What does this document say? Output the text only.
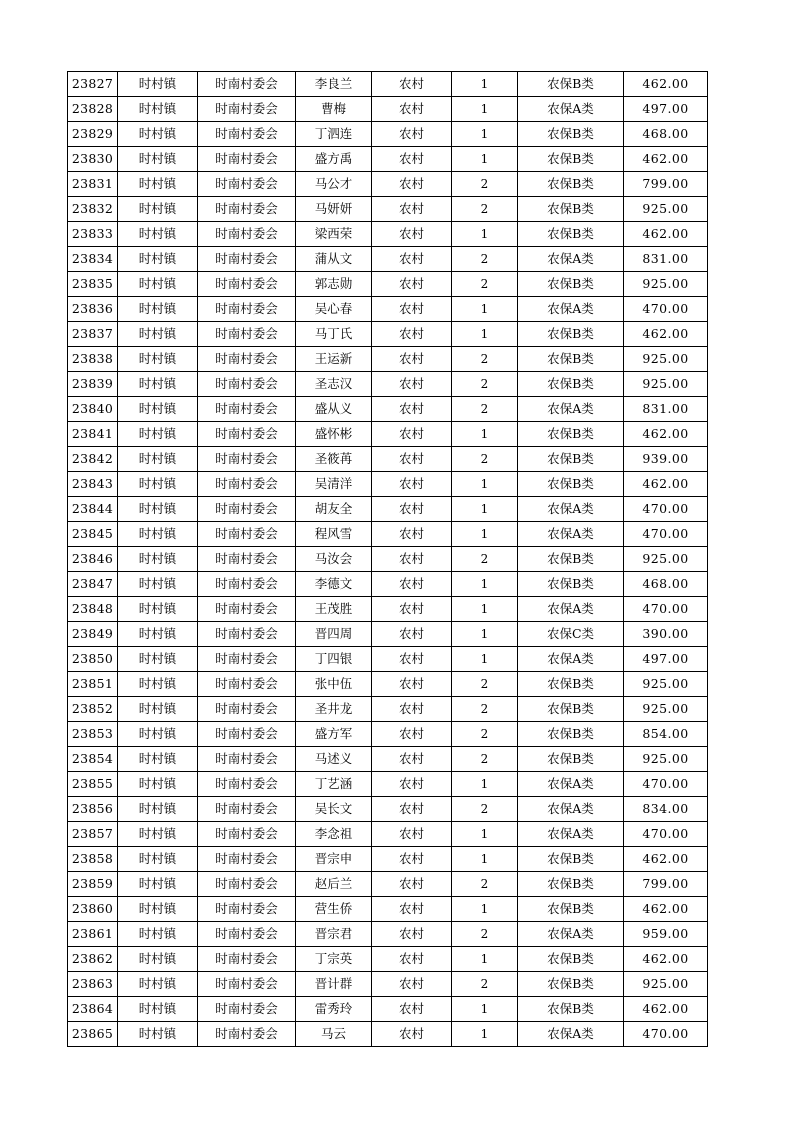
23827	时村镇	时南村委会	李良兰	农村	1	农保B类	462.00
23828	时村镇	时南村委会	曹梅	农村	1	农保A类	497.00
23829	时村镇	时南村委会	丁泗连	农村	1	农保B类	468.00
23830	时村镇	时南村委会	盛方禹	农村	1	农保B类	462.00
23831	时村镇	时南村委会	马公才	农村	2	农保B类	799.00
23832	时村镇	时南村委会	马妍妍	农村	2	农保B类	925.00
23833	时村镇	时南村委会	梁西荣	农村	1	农保B类	462.00
23834	时村镇	时南村委会	蒲从文	农村	2	农保A类	831.00
23835	时村镇	时南村委会	郭志勋	农村	2	农保B类	925.00
23836	时村镇	时南村委会	吴心春	农村	1	农保A类	470.00
23837	时村镇	时南村委会	马丁氏	农村	1	农保B类	462.00
23838	时村镇	时南村委会	王运新	农村	2	农保B类	925.00
23839	时村镇	时南村委会	圣志汉	农村	2	农保B类	925.00
23840	时村镇	时南村委会	盛从义	农村	2	农保A类	831.00
23841	时村镇	时南村委会	盛怀彬	农村	1	农保B类	462.00
23842	时村镇	时南村委会	圣筱苒	农村	2	农保B类	939.00
23843	时村镇	时南村委会	吴清洋	农村	1	农保B类	462.00
23844	时村镇	时南村委会	胡友全	农村	1	农保A类	470.00
23845	时村镇	时南村委会	程风雪	农村	1	农保A类	470.00
23846	时村镇	时南村委会	马汝会	农村	2	农保B类	925.00
23847	时村镇	时南村委会	李德文	农村	1	农保B类	468.00
23848	时村镇	时南村委会	王茂胜	农村	1	农保A类	470.00
23849	时村镇	时南村委会	晋四周	农村	1	农保C类	390.00
23850	时村镇	时南村委会	丁四银	农村	1	农保A类	497.00
23851	时村镇	时南村委会	张中伍	农村	2	农保B类	925.00
23852	时村镇	时南村委会	圣井龙	农村	2	农保B类	925.00
23853	时村镇	时南村委会	盛方军	农村	2	农保B类	854.00
23854	时村镇	时南村委会	马述义	农村	2	农保B类	925.00
23855	时村镇	时南村委会	丁艺涵	农村	1	农保A类	470.00
23856	时村镇	时南村委会	吴长文	农村	2	农保A类	834.00
23857	时村镇	时南村委会	李念祖	农村	1	农保A类	470.00
23858	时村镇	时南村委会	晋宗申	农村	1	农保B类	462.00
23859	时村镇	时南村委会	赵后兰	农村	2	农保B类	799.00
23860	时村镇	时南村委会	营生侨	农村	1	农保B类	462.00
23861	时村镇	时南村委会	晋宗君	农村	2	农保A类	959.00
23862	时村镇	时南村委会	丁宗英	农村	1	农保B类	462.00
23863	时村镇	时南村委会	晋计群	农村	2	农保B类	925.00
23864	时村镇	时南村委会	雷秀玲	农村	1	农保B类	462.00
23865	时村镇	时南村委会	马云	农村	1	农保A类	470.00
